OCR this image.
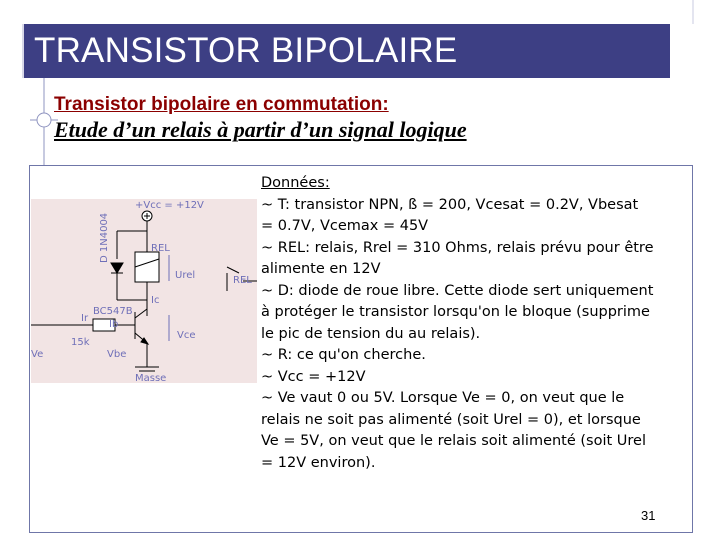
TRANSISTOR BIPOLAIRE
Transistor bipolaire en commutation:
Etude d’un relais à partir d’un signal logique
+Vcc = +12V
D 1N4004	REL
Urel
Ic
REL
BC547B
Ir
Ib
Vce
15k
Ve	Vbe
Masse
Données:
~ T: transistor NPN, ß = 200, Vcesat = 0.2V, Vbesat
= 0.7V, Vcemax = 45V
~ REL: relais, Rrel = 310 Ohms, relais prévu pour être
alimente en 12V
~ D: diode de roue libre. Cette diode sert uniquement
à protéger le transistor lorsqu'on le bloque (supprime
le pic de tension du au relais).
~ R: ce qu'on cherche.
~ Vcc = +12V
~ Ve vaut 0 ou 5V. Lorsque Ve = 0, on veut que le
relais ne soit pas alimenté (soit Urel = 0), et lorsque
Ve = 5V, on veut que le relais soit alimenté (soit Urel
= 12V environ).
31
